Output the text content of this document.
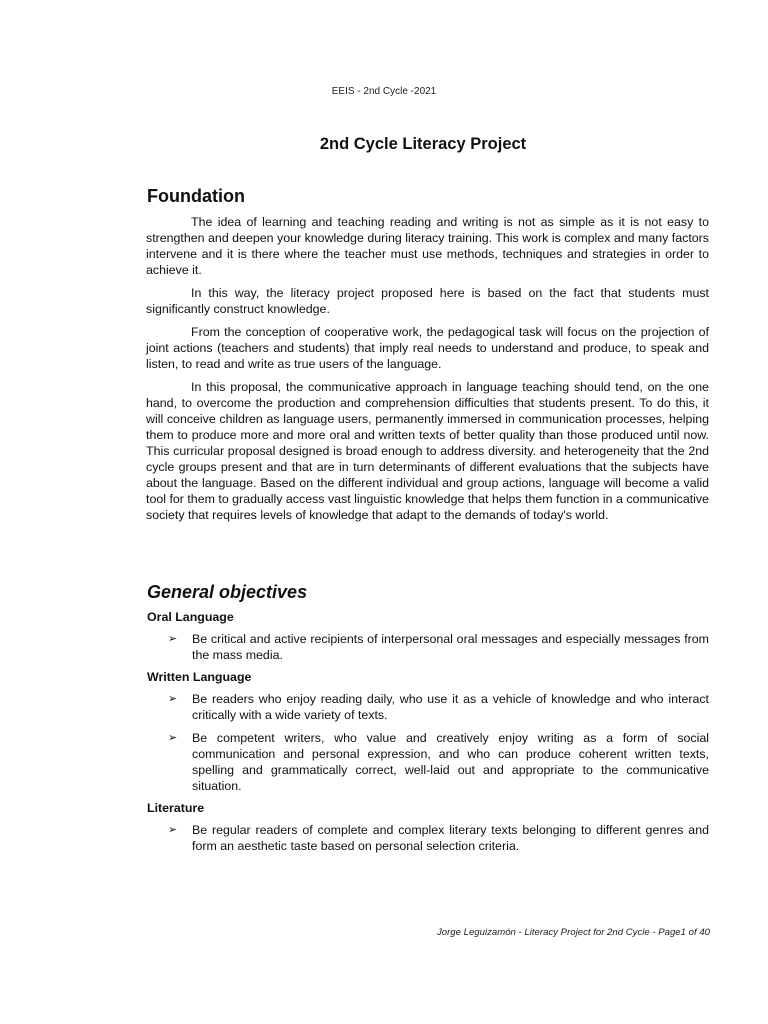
EEIS - 2nd Cycle -2021
2nd Cycle Literacy Project
Foundation

The idea of learning and teaching reading and writing is not as simple as it is not easy to strengthen and deepen your knowledge during literacy training. This work is complex and many factors intervene and it is there where the teacher must use methods, techniques and strategies in order to achieve it.

In this way, the literacy project proposed here is based on the fact that students must significantly construct knowledge.

From the conception of cooperative work, the pedagogical task will focus on the projection of joint actions (teachers and students) that imply real needs to understand and produce, to speak and listen, to read and write as true users of the language.

In this proposal, the communicative approach in language teaching should tend, on the one hand, to overcome the production and comprehension difficulties that students present. To do this, it will conceive children as language users, permanently immersed in communication processes, helping them to produce more and more oral and written texts of better quality than those produced until now. This curricular proposal designed is broad enough to address diversity. and heterogeneity that the 2nd cycle groups present and that are in turn determinants of different evaluations that the subjects have about the language. Based on the different individual and group actions, language will become a valid tool for them to gradually access vast linguistic knowledge that helps them function in a communicative society that requires levels of knowledge that adapt to the demands of today's world.

General objectives
Oral Language
➢ Be critical and active recipients of interpersonal oral messages and especially messages from the mass media.
Written Language
➢ Be readers who enjoy reading daily, who use it as a vehicle of knowledge and who interact critically with a wide variety of texts.
➢ Be competent writers, who value and creatively enjoy writing as a form of social communication and personal expression, and who can produce coherent written texts, spelling and grammatically correct, well-laid out and appropriate to the communicative situation.
Literature
➢ Be regular readers of complete and complex literary texts belonging to different genres and form an aesthetic taste based on personal selection criteria.
Jorge Leguizamón - Literacy Project for 2nd Cycle - Page1 of 40
